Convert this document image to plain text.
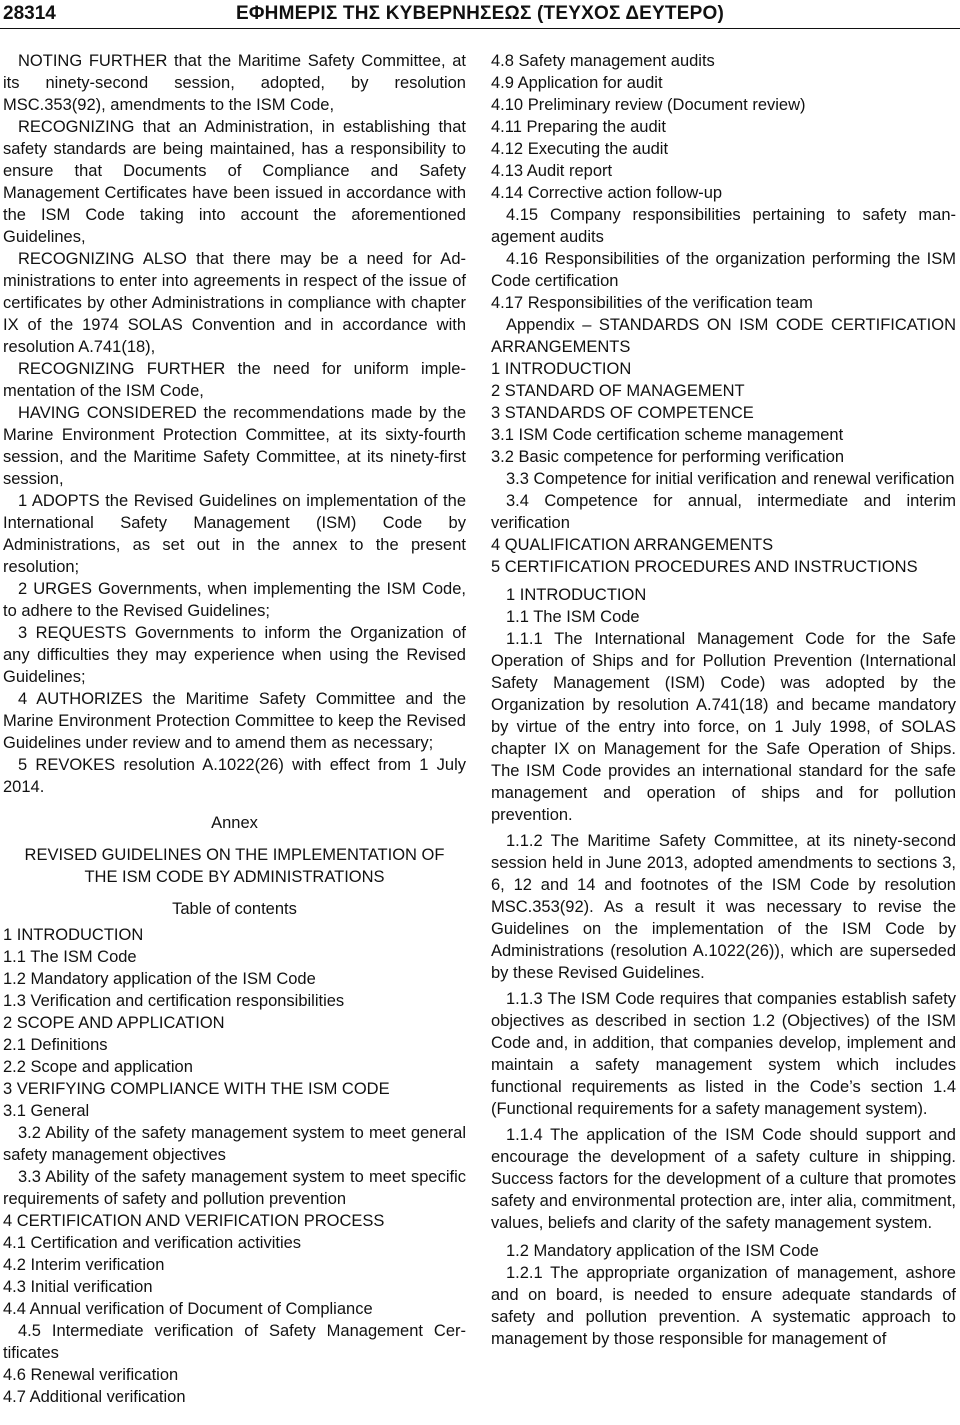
28314	ΕΦΗΜΕΡΙΣ ΤΗΣ ΚΥΒΕΡΝΗΣΕΩΣ (ΤΕΥΧΟΣ ΔΕΥΤΕΡΟ)

NOTING FURTHER that the Maritime Safety Committee, at its ninety‑second session, adopted, by resolution MSC.353(92), amendments to the ISM Code,

RECOGNIZING that an Administration, in establishing that safety standards are being maintained, has a responsibility to ensure that Documents of Compliance and Safety Management Certificates have been issued in accordance with the ISM Code taking into account the aforementioned Guidelines,

RECOGNIZING ALSO that there may be a need for Administrations to enter into agreements in respect of the issue of certificates by other Administrations in compliance with chapter IX of the 1974 SOLAS Convention and in accordance with resolution A.741(18),

RECOGNIZING FURTHER the need for uniform implementation of the ISM Code,

HAVING CONSIDERED the recommendations made by the Marine Environment Protection Committee, at its sixty‑fourth session, and the Maritime Safety Committee, at its ninety‑first session,

1 ADOPTS the Revised Guidelines on implementation of the International Safety Management (ISM) Code by Administrations, as set out in the annex to the present resolution;

2 URGES Governments, when implementing the ISM Code, to adhere to the Revised Guidelines;

3 REQUESTS Governments to inform the Organization of any difficulties they may experience when using the Revised Guidelines;

4 AUTHORIZES the Maritime Safety Committee and the Marine Environment Protection Committee to keep the Revised Guidelines under review and to amend them as necessary;

5 REVOKES resolution A.1022(26) with effect from 1 July 2014.

Annex

REVISED GUIDELINES ON THE IMPLEMENTATION OF THE ISM CODE BY ADMINISTRATIONS

Table of contents

1 INTRODUCTION

1.1 The ISM Code

1.2 Mandatory application of the ISM Code

1.3 Verification and certification responsibilities

2 SCOPE AND APPLICATION

2.1 Definitions

2.2 Scope and application

3 VERIFYING COMPLIANCE WITH THE ISM CODE

3.1 General

3.2 Ability of the safety management system to meet general safety management objectives

3.3 Ability of the safety management system to meet specific requirements of safety and pollution prevention

4 CERTIFICATION AND VERIFICATION PROCESS

4.1 Certification and verification activities

4.2 Interim verification

4.3 Initial verification

4.4 Annual verification of Document of Compliance

4.5 Intermediate verification of Safety Management Certificates

4.6 Renewal verification

4.7 Additional verification

4.8 Safety management audits

4.9 Application for audit

4.10 Preliminary review (Document review)

4.11 Preparing the audit

4.12 Executing the audit

4.13 Audit report

4.14 Corrective action follow‑up

4.15 Company responsibilities pertaining to safety management audits

4.16 Responsibilities of the organization performing the ISM Code certification

4.17 Responsibilities of the verification team

Appendix – STANDARDS ON ISM CODE CERTIFICATION ARRANGEMENTS

1 INTRODUCTION

2 STANDARD OF MANAGEMENT

3 STANDARDS OF COMPETENCE

3.1 ISM Code certification scheme management

3.2 Basic competence for performing verification

3.3 Competence for initial verification and renewal verification

3.4 Competence for annual, intermediate and interim verification

4 QUALIFICATION ARRANGEMENTS

5 CERTIFICATION PROCEDURES AND INSTRUCTIONS

1 INTRODUCTION

1.1 The ISM Code

1.1.1 The International Management Code for the Safe Operation of Ships and for Pollution Prevention (International Safety Management (ISM) Code) was adopted by the Organization by resolution A.741(18) and became mandatory by virtue of the entry into force, on 1 July 1998, of SOLAS chapter IX on Management for the Safe Operation of Ships. The ISM Code provides an international standard for the safe management and operation of ships and for pollution prevention.

1.1.2 The Maritime Safety Committee, at its ninety‑second session held in June 2013, adopted amendments to sections 3, 6, 12 and 14 and footnotes of the ISM Code by resolution MSC.353(92). As a result it was necessary to revise the Guidelines on the implementation of the ISM Code by Administrations (resolution A.1022(26)), which are superseded by these Revised Guidelines.

1.1.3 The ISM Code requires that companies establish safety objectives as described in section 1.2 (Objectives) of the ISM Code and, in addition, that companies develop, implement and maintain a safety management system which includes functional requirements as listed in the Code’s section 1.4 (Functional requirements for a safety management system).

1.1.4 The application of the ISM Code should support and encourage the development of a safety culture in shipping. Success factors for the development of a culture that promotes safety and environmental protection are, inter alia, commitment, values, beliefs and clarity of the safety management system.

1.2 Mandatory application of the ISM Code

1.2.1 The appropriate organization of management, ashore and on board, is needed to ensure adequate standards of safety and pollution prevention. A systematic approach to management by those responsible for management of
